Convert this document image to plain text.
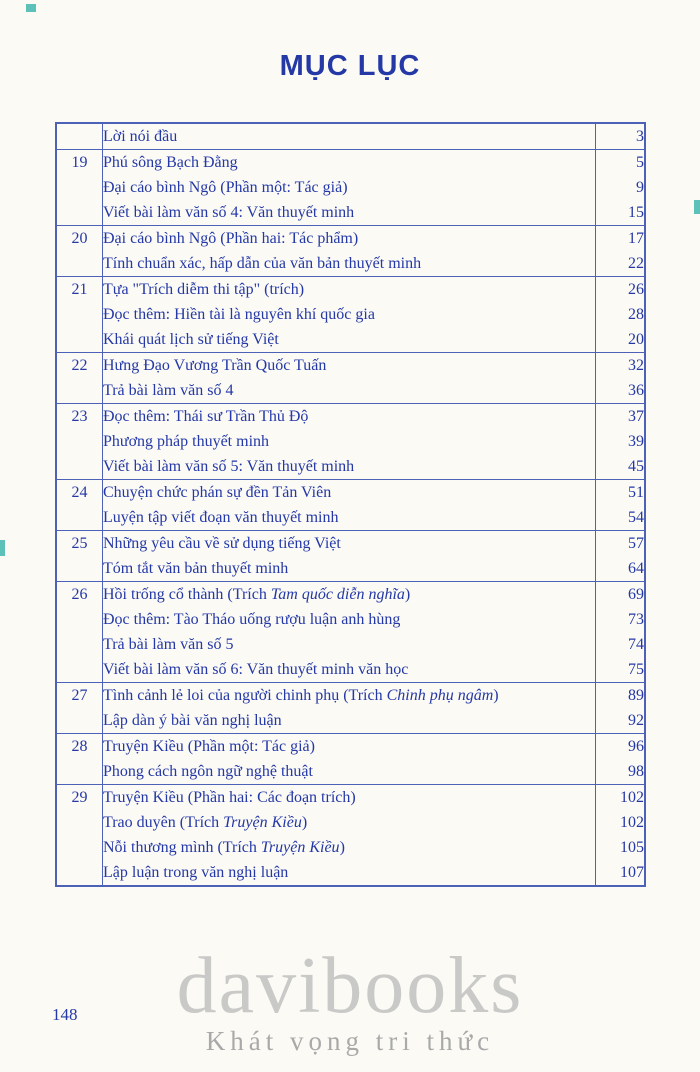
MỤC LỤC
	Lời nói đầu	3
19	Phú sông Bạch Đằng	5
	Đại cáo bình Ngô (Phần một: Tác giả)	9
	Viết bài làm văn số 4: Văn thuyết minh	15
20	Đại cáo bình Ngô (Phần hai: Tác phẩm)	17
	Tính chuẩn xác, hấp dẫn của văn bản thuyết minh	22
21	Tựa "Trích diễm thi tập" (trích)	26
	Đọc thêm: Hiền tài là nguyên khí quốc gia	28
	Khái quát lịch sử tiếng Việt	20
22	Hưng Đạo Vương Trần Quốc Tuấn	32
	Trả bài làm văn số 4	36
23	Đọc thêm: Thái sư Trần Thủ Độ	37
	Phương pháp thuyết minh	39
	Viết bài làm văn số 5: Văn thuyết minh	45
24	Chuyện chức phán sự đền Tản Viên	51
	Luyện tập viết đoạn văn thuyết minh	54
25	Những yêu cầu về sử dụng tiếng Việt	57
	Tóm tắt văn bản thuyết minh	64
26	Hồi trống cổ thành (Trích Tam quốc diễn nghĩa)	69
	Đọc thêm: Tào Tháo uống rượu luận anh hùng	73
	Trả bài làm văn số 5	74
	Viết bài làm văn số 6: Văn thuyết minh văn học	75
27	Tình cảnh lẻ loi của người chinh phụ (Trích Chinh phụ ngâm)	89
	Lập dàn ý bài văn nghị luận	92
28	Truyện Kiều (Phần một: Tác giả)	96
	Phong cách ngôn ngữ nghệ thuật	98
29	Truyện Kiều (Phần hai: Các đoạn trích)	102
	Trao duyên (Trích Truyện Kiều)	102
	Nỗi thương mình (Trích Truyện Kiều)	105
	Lập luận trong văn nghị luận	107
davibooks
Khát vọng tri thức
148
